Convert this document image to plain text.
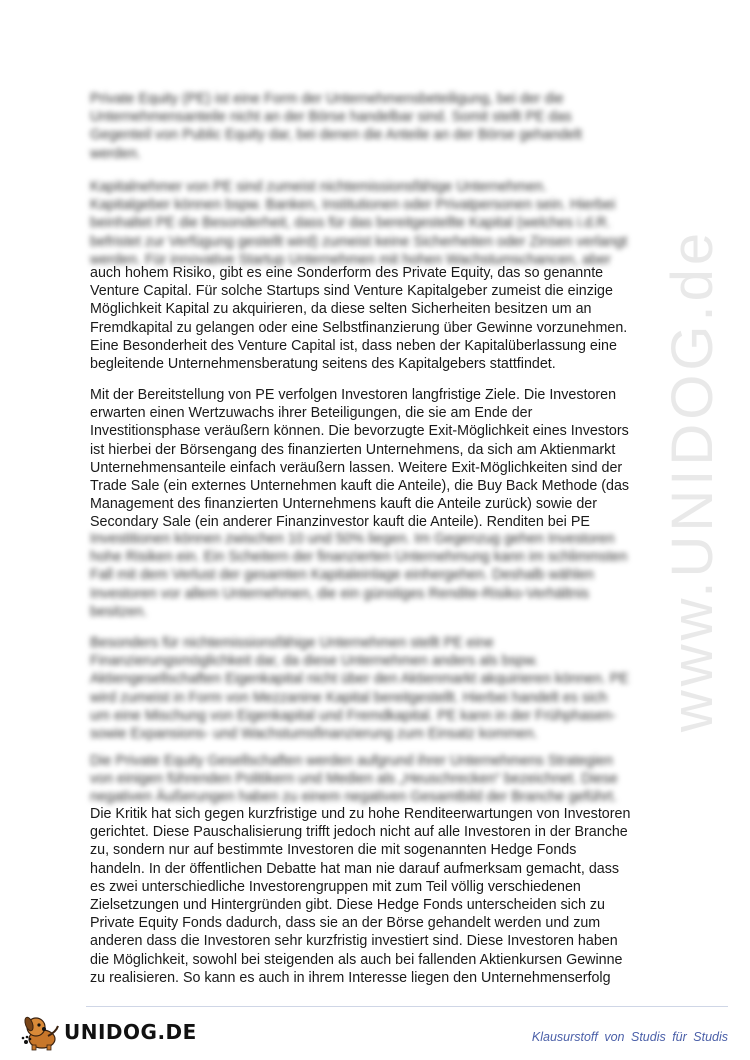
www.UNIDOG.de
Private Equity (PE) ist eine Form der Unternehmensbeteiligung, bei der die
Unternehmensanteile nicht an der Börse handelbar sind. Somit stellt PE das
Gegenteil von Public Equity dar, bei denen die Anteile an der Börse gehandelt
werden.
Kapitalnehmer von PE sind zumeist nichtemissionsfähige Unternehmen.
Kapitalgeber können bspw. Banken, Institutionen oder Privatpersonen sein. Hierbei
beinhaltet PE die Besonderheit, dass für das bereitgestellte Kapital (welches i.d.R.
befristet zur Verfügung gestellt wird) zumeist keine Sicherheiten oder Zinsen verlangt
werden. Für innovative Startup Unternehmen mit hohen Wachstumschancen, aber
auch hohem Risiko, gibt es eine Sonderform des Private Equity, das so genannte
Venture Capital. Für solche Startups sind Venture Kapitalgeber zumeist die einzige
Möglichkeit Kapital zu akquirieren, da diese selten Sicherheiten besitzen um an
Fremdkapital zu gelangen oder eine Selbstfinanzierung über Gewinne vorzunehmen.
Eine Besonderheit des Venture Capital ist, dass neben der Kapitalüberlassung eine
begleitende Unternehmensberatung seitens des Kapitalgebers stattfindet.
Mit der Bereitstellung von PE verfolgen Investoren langfristige Ziele. Die Investoren
erwarten einen Wertzuwachs ihrer Beteiligungen, die sie am Ende der
Investitionsphase veräußern können. Die bevorzugte Exit-Möglichkeit eines Investors
ist hierbei der Börsengang des finanzierten Unternehmens, da sich am Aktienmarkt
Unternehmensanteile einfach veräußern lassen. Weitere Exit-Möglichkeiten sind der
Trade Sale (ein externes Unternehmen kauft die Anteile), die Buy Back Methode (das
Management des finanzierten Unternehmens kauft die Anteile zurück) sowie der
Secondary Sale (ein anderer Finanzinvestor kauft die Anteile). Renditen bei PE
Investitionen können zwischen 10 und 50% liegen. Im Gegenzug gehen Investoren
hohe Risiken ein. Ein Scheitern der finanzierten Unternehmung kann im schlimmsten
Fall mit dem Verlust der gesamten Kapitaleinlage einhergehen. Deshalb wählen
Investoren vor allem Unternehmen, die ein günstiges Rendite-Risiko-Verhältnis
besitzen.
Besonders für nichtemissionsfähige Unternehmen stellt PE eine
Finanzierungsmöglichkeit dar, da diese Unternehmen anders als bspw.
Aktiengesellschaften Eigenkapital nicht über den Aktienmarkt akquirieren können. PE
wird zumeist in Form von Mezzanine Kapital bereitgestellt. Hierbei handelt es sich
um eine Mischung von Eigenkapital und Fremdkapital. PE kann in der Frühphasen-
sowie Expansions- und Wachstumsfinanzierung zum Einsatz kommen.
Die Private Equity Gesellschaften werden aufgrund ihrer Unternehmens Strategien
von einigen führenden Politikern und Medien als „Heuschrecken“ bezeichnet. Diese
negativen Äußerungen haben zu einem negativen Gesamtbild der Branche geführt.
Die Kritik hat sich gegen kurzfristige und zu hohe Renditeerwartungen von Investoren
gerichtet. Diese Pauschalisierung trifft jedoch nicht auf alle Investoren in der Branche
zu, sondern nur auf bestimmte Investoren die mit sogenannten Hedge Fonds
handeln. In der öffentlichen Debatte hat man nie darauf aufmerksam gemacht, dass
es zwei unterschiedliche Investorengruppen mit zum Teil völlig verschiedenen
Zielsetzungen und Hintergründen gibt. Diese Hedge Fonds unterscheiden sich zu
Private Equity Fonds dadurch, dass sie an der Börse gehandelt werden und zum
anderen dass die Investoren sehr kurzfristig investiert sind. Diese Investoren haben
die Möglichkeit, sowohl bei steigenden als auch bei fallenden Aktienkursen Gewinne
zu realisieren. So kann es auch in ihrem Interesse liegen den Unternehmenserfolg
UNIDOG.DE	Klausurstoff von Studis für Studis
